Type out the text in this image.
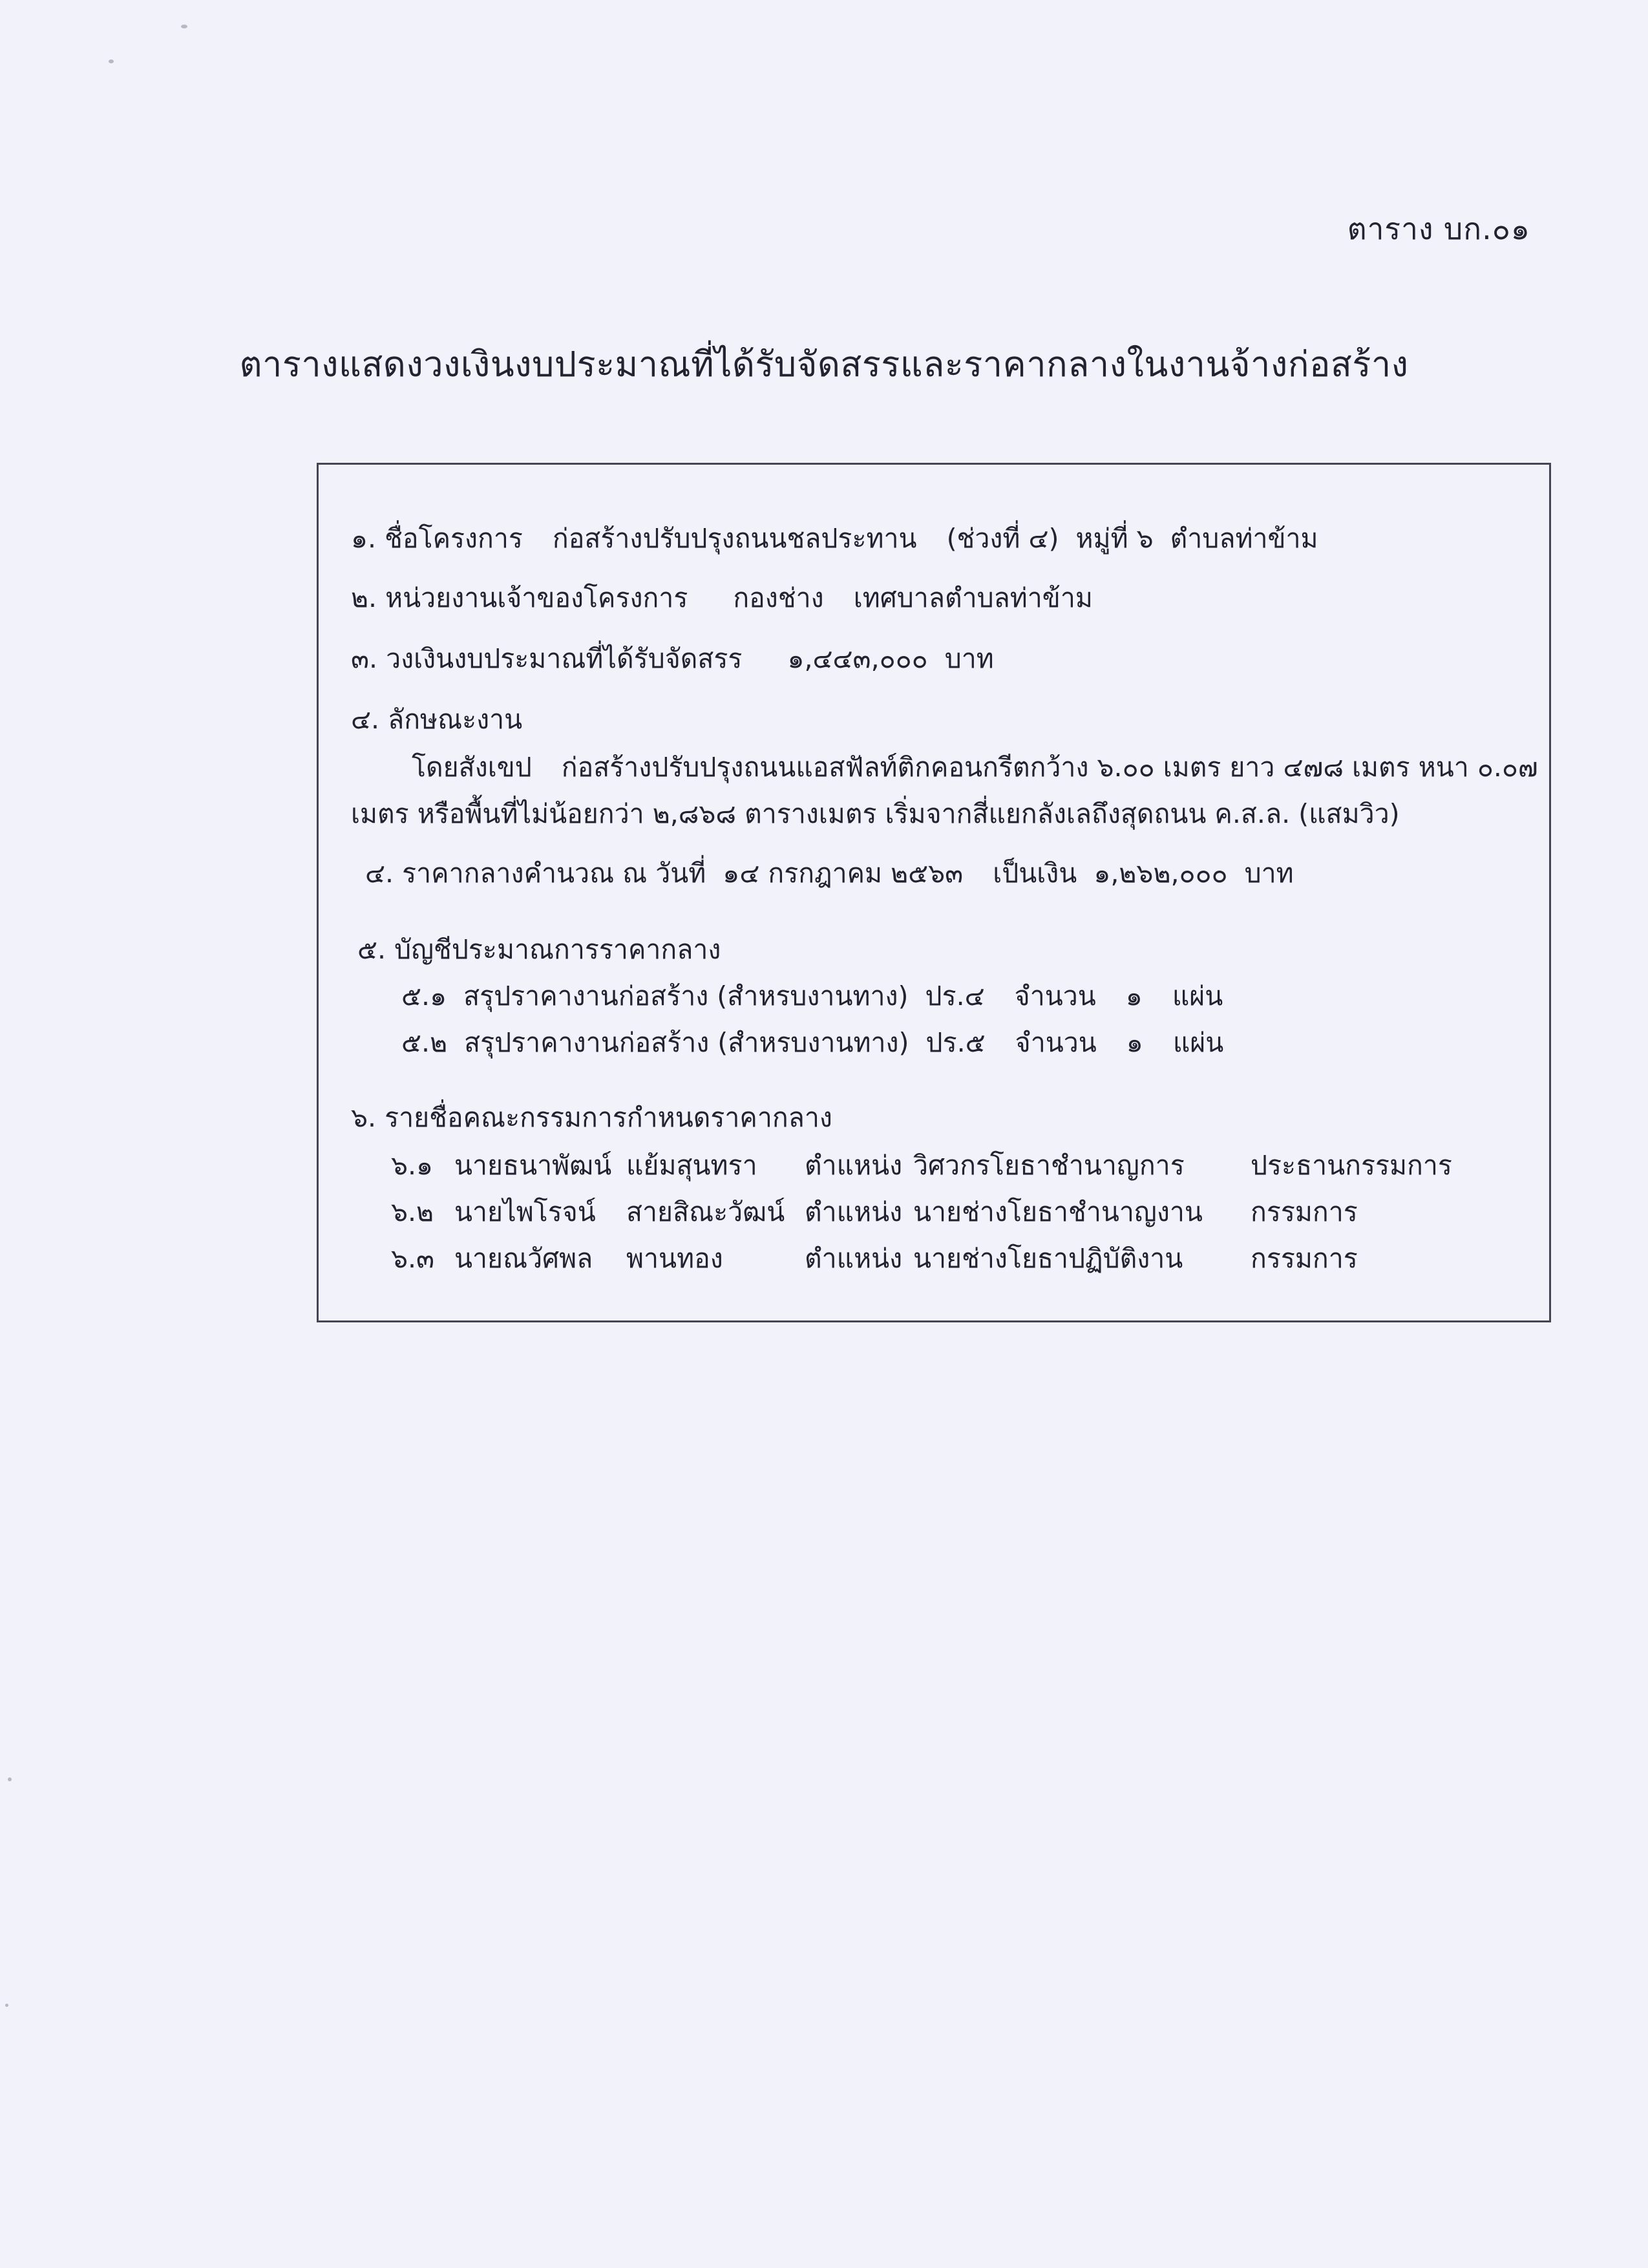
ตาราง บก.๐๑
ตารางแสดงวงเงินงบประมาณที่ได้รับจัดสรรและราคากลางในงานจ้างก่อสร้าง
๑. ชื่อโครงการ ก่อสร้างปรับปรุงถนนชลประทาน (ช่วงที่ ๔) หมู่ที่ ๖ ตำบลท่าข้าม
๒. หน่วยงานเจ้าของโครงการ กองช่าง เทศบาลตำบลท่าข้าม
๓. วงเงินงบประมาณที่ได้รับจัดสรร ๑,๔๔๓,๐๐๐ บาท
๔. ลักษณะงาน
โดยสังเขป ก่อสร้างปรับปรุงถนนแอสฟัลท์ติกคอนกรีตกว้าง ๖.๐๐ เมตร ยาว ๔๗๘ เมตร หนา ๐.๐๗
เมตร หรือพื้นที่ไม่น้อยกว่า ๒,๘๖๘ ตารางเมตร เริ่มจากสี่แยกลังเลถึงสุดถนน ค.ส.ล. (แสมวิว)
๔. ราคากลางคำนวณ ณ วันที่ ๑๔ กรกฎาคม ๒๕๖๓ เป็นเงิน ๑,๒๖๒,๐๐๐ บาท
๕. บัญชีประมาณการราคากลาง
๕.๑ สรุปราคางานก่อสร้าง (สำหรบงานทาง) ปร.๔ จำนวน ๑ แผ่น
๕.๒ สรุปราคางานก่อสร้าง (สำหรบงานทาง) ปร.๕ จำนวน ๑ แผ่น
๖. รายชื่อคณะกรรมการกำหนดราคากลาง
๖.๑ นายธนาพัฒน์ แย้มสุนทรา ตำแหน่ง วิศวกรโยธาชำนาญการ ประธานกรรมการ
๖.๒ นายไพโรจน์ สายสิณะวัฒน์ ตำแหน่ง นายช่างโยธาชำนาญงาน กรรมการ
๖.๓ นายณวัศพล พานทอง	ตำแหน่ง นายช่างโยธาปฏิบัติงาน	กรรมการ
